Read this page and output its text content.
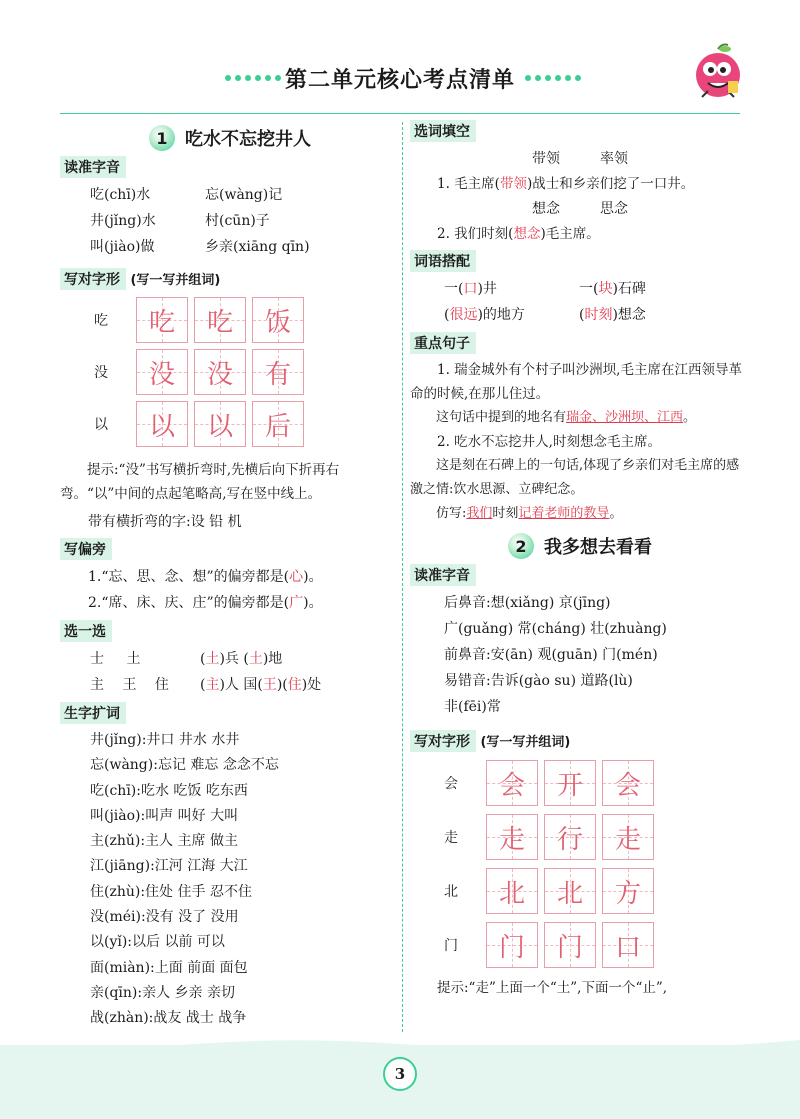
第二单元核心考点清单
1 吃水不忘挖井人
读准字音
吃(chī)水	忘(wàng)记
井(jǐng)水	村(cūn)子
叫(jiào)做	乡亲(xiāng qīn)
写对字形 (写一写并组词)
吃	吃 吃 饭
没	没 没 有
以	以 以 后

提示:“没”书写横折弯时,先横后向下折再右弯。“以”中间的点起笔略高,写在竖中线上。

带有横折弯的字:设 铅 机

写偏旁
1.“忘、思、念、想”的偏旁都是(心)。
2.“席、床、庆、庄”的偏旁都是(广)。
选一选
士 土	(土)兵 (土)地
主 王 住 (主)人 国(王)(住)处
生字扩词
井(jǐng):井口 井水 水井
忘(wàng):忘记 难忘 念念不忘
吃(chī):吃水 吃饭 吃东西
叫(jiào):叫声 叫好 大叫
主(zhǔ):主人 主席 做主
江(jiāng):江河 江海 大江
住(zhù):住处 住手 忍不住
没(méi):没有 没了 没用
以(yǐ):以后 以前 可以
面(miàn):上面 前面 面包
亲(qīn):亲人 乡亲 亲切
战(zhàn):战友 战士 战争
选词填空
带领	率领

1. 毛主席(带领)战士和乡亲们挖了一口井。

想念	思念

2. 我们时刻(想念)毛主席。

词语搭配
一(口)井	一(块)石碑
(很远)的地方	(时刻)想念
重点句子

1. 瑞金城外有个村子叫沙洲坝,毛主席在江西领导革命的时候,在那儿住过。

这句话中提到的地名有瑞金、沙洲坝、江西。

2. 吃水不忘挖井人,时刻想念毛主席。

这是刻在石碑上的一句话,体现了乡亲们对毛主席的感激之情:饮水思源、立碑纪念。

仿写:我们时刻记着老师的教导。

2 我多想去看看
读准字音
后鼻音:想(xiǎng) 京(jīng)
广(guǎng) 常(cháng) 壮(zhuàng)
前鼻音:安(ān) 观(guān) 门(mén)
易错音:告诉(gào su) 道路(lù)
非(fēi)常
写对字形 (写一写并组词)
会	会 开 会
走	走 行 走
北	北 北 方
门	门 门 口

提示:“走”上面一个“土”,下面一个“止”,

3
